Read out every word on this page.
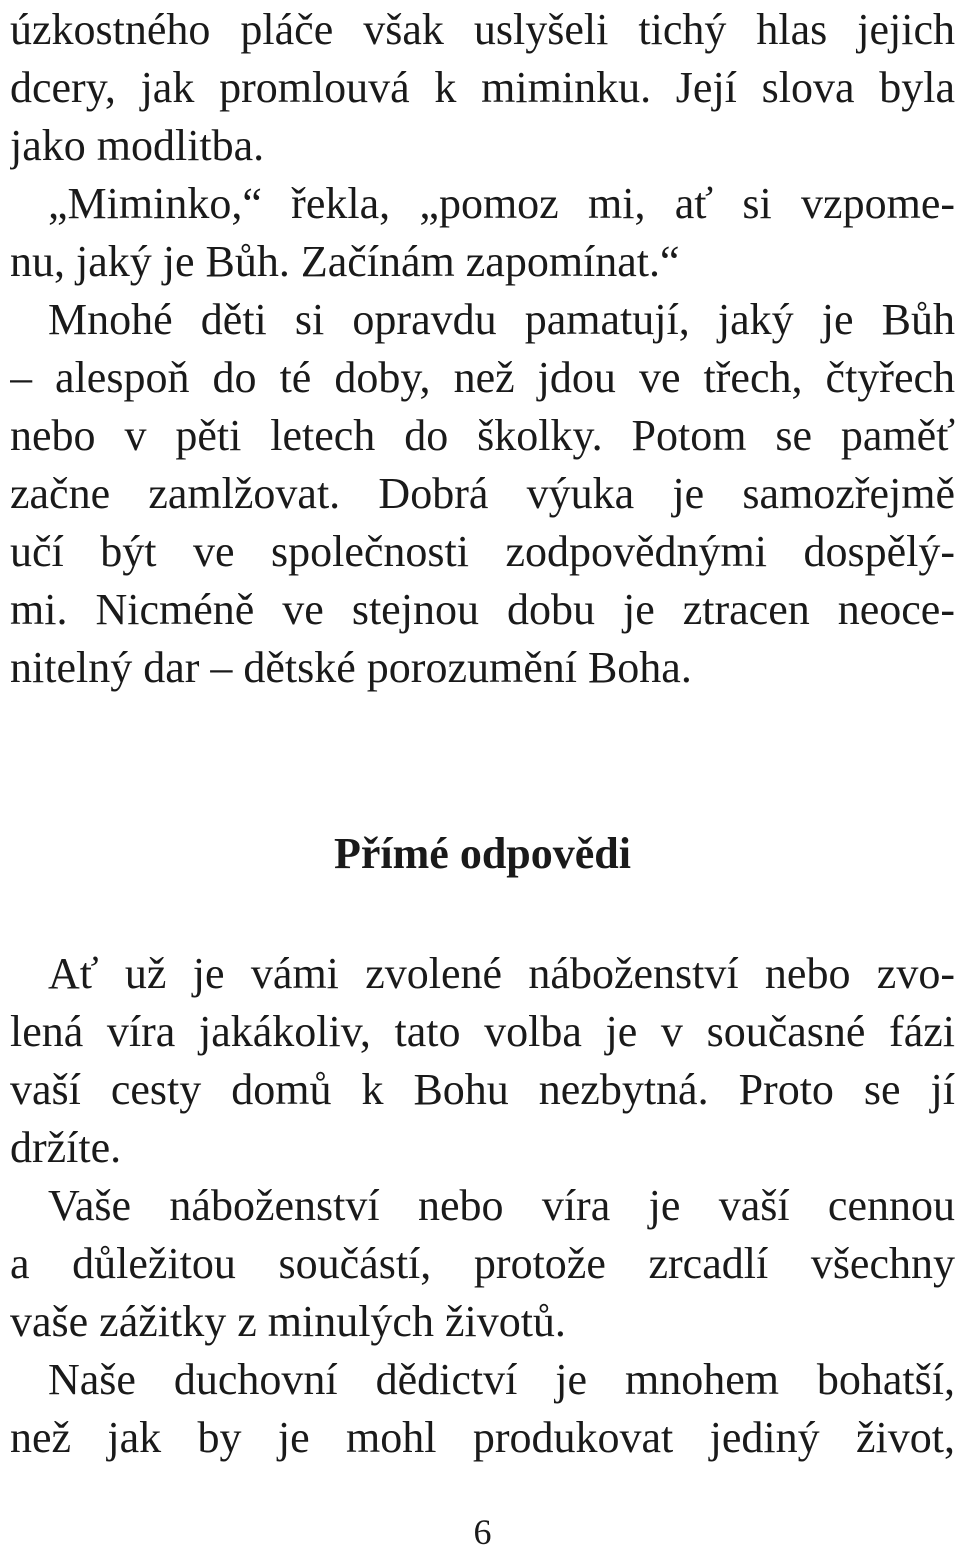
úzkostného pláče však uslyšeli tichý hlas jejich
dcery, jak promlouvá k miminku. Její slova byla
jako modlitba.
„Miminko,“ řekla, „pomoz mi, ať si vzpome-
nu, jaký je Bůh. Začínám zapomínat.“
Mnohé děti si opravdu pamatují, jaký je Bůh
– alespoň do té doby, než jdou ve třech, čtyřech
nebo v pěti letech do školky. Potom se paměť
začne zamlžovat. Dobrá výuka je samozřejmě
učí být ve společnosti zodpovědnými dospělý-
mi. Nicméně ve stejnou dobu je ztracen neoce-
nitelný dar – dětské porozumění Boha.
Přímé odpovědi
Ať už je vámi zvolené náboženství nebo zvo-
lená víra jakákoliv, tato volba je v současné fázi
vaší cesty domů k Bohu nezbytná. Proto se jí
držíte.
Vaše náboženství nebo víra je vaší cennou
a důležitou součástí, protože zrcadlí všechny
vaše zážitky z minulých životů.
Naše duchovní dědictví je mnohem bohatší,
než jak by je mohl produkovat jediný život,
6
